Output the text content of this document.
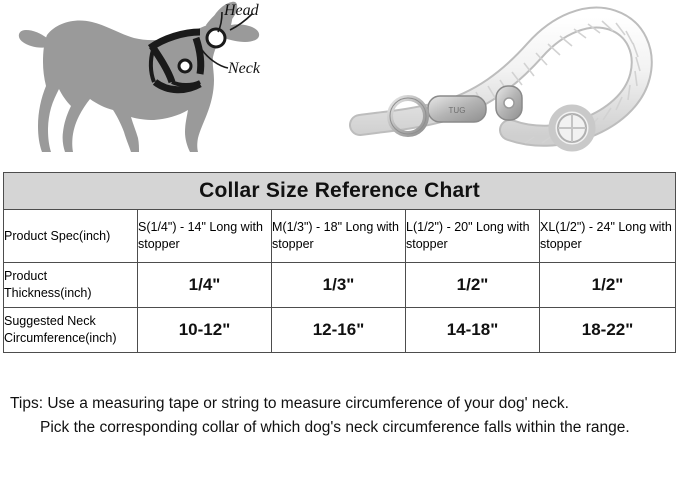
Head
Neck
TUG
Collar Size Reference Chart				
Product Spec(inch)	S(1/4") - 14" Long with stopper	M(1/3") - 18" Long with stopper	L(1/2") - 20" Long with stopper	XL(1/2") - 24" Long with stopper
Product Thickness(inch)	1/4"	1/3"	1/2"	1/2"
Suggested Neck Circumference(inch)	10-12"	12-16"	14-18"	18-22"
Tips: Use a measuring tape or string to measure circumference of your dog' neck.
Pick the corresponding collar of which dog's neck circumference falls within the range.
